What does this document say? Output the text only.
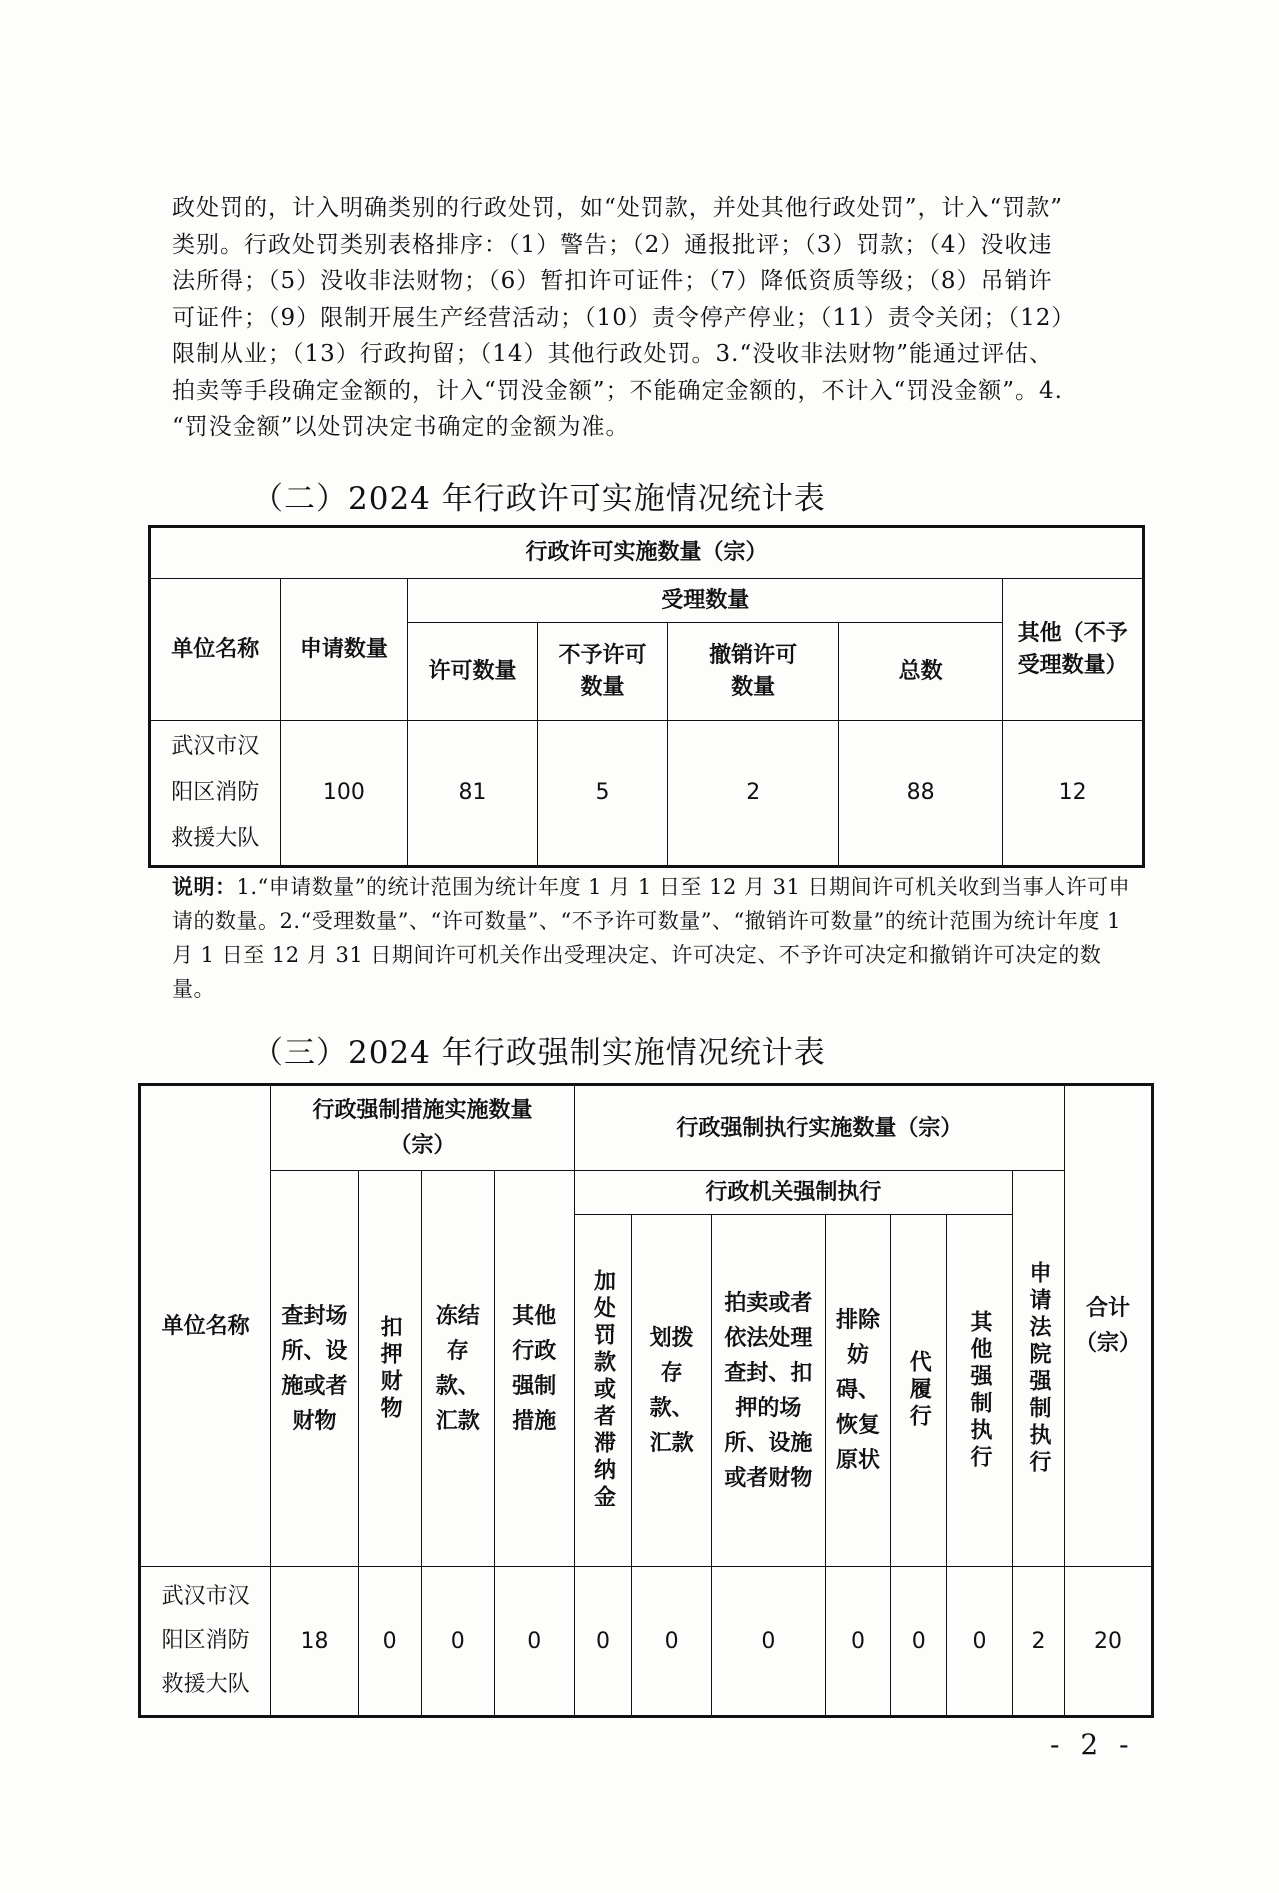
政处罚的，计入明确类别的行政处罚，如“处罚款，并处其他行政处罚”，计入“罚款”

类别。行政处罚类别表格排序：（1）警告；（2）通报批评；（3）罚款；（4）没收违

法所得；（5）没收非法财物；（6）暂扣许可证件；（7）降低资质等级；（8）吊销许

可证件；（9）限制开展生产经营活动；（10）责令停产停业；（11）责令关闭；（12）

限制从业；（13）行政拘留；（14）其他行政处罚。3.“没收非法财物”能通过评估、

拍卖等手段确定金额的，计入“罚没金额”；不能确定金额的，不计入“罚没金额”。4.

“罚没金额”以处罚决定书确定的金额为准。

（二）2024 年行政许可实施情况统计表
行政许可实施数量（宗）						
单位名称	申请数量	受理数量				其他（不予受理数量）
		许可数量	不予许可数量	撤销许可数量	总数	
武汉市汉阳区消防救援大队	100	81	5	2	88	12
说明：1.“申请数量”的统计范围为统计年度 1 月 1 日至 12 月 31 日期间许可机关收到当事人许可申请的数量。2.“受理数量”、“许可数量”、“不予许可数量”、“撤销许可数量”的统计范围为统计年度 1 月 1 日至 12 月 31 日期间许可机关作出受理决定、许可决定、不予许可决定和撤销许可决定的数量。
（三）2024 年行政强制实施情况统计表
单位名称	行政强制措施实施数量（宗）				行政强制执行实施数量（宗）							合计（宗）
	查封场所、设施或者财物	扣押财物	冻结存款、汇款	其他行政强制措施	行政机关强制执行						申请法院强制执行	

					加处罚款或者滞纳金	划拨存款、汇款	拍卖或者依法处理查封、扣押的场所、设施或者财物	排除妨碍、恢复原状	代履行	其他强制执行		

武汉市汉阳区消防救援大队	18	0	0	0	0	0	0	0	0	0	2	20
- 2 -
